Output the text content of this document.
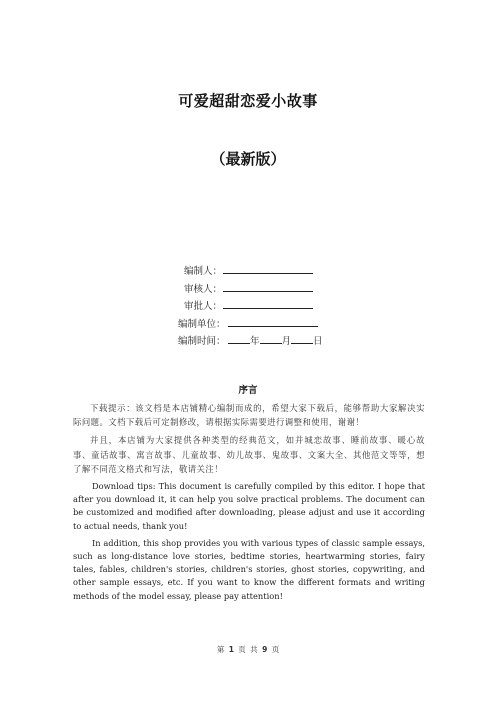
可爱超甜恋爱小故事
（最新版）
编制人：
审核人：
审批人：
编制单位：
编制时间：	年 月 日
序言

下载提示：该文档是本店铺精心编制而成的，希望大家下载后，能够帮助大家解决实际问题。文档下载后可定制修改，请根据实际需要进行调整和使用，谢谢！

并且，本店铺为大家提供各种类型的经典范文，如并城恋故事、睡前故事、暖心故事、童话故事、寓言故事、儿童故事、幼儿故事、鬼故事、文案大全、其他范文等等，想了解不同范文格式和写法，敬请关注！

Download tips: This document is carefully compiled by this editor. I hope that after you download it, it can help you solve practical problems. The document can be customized and modified after downloading, please adjust and use it according to actual needs, thank you!

In addition, this shop provides you with various types of classic sample essays, such as long-distance love stories, bedtime stories, heartwarming stories, fairy tales, fables, children's stories, children's stories, ghost stories, copywriting, and other sample essays, etc. If you want to know the different formats and writing methods of the model essay, please pay attention!

第 1 页 共 9 页
